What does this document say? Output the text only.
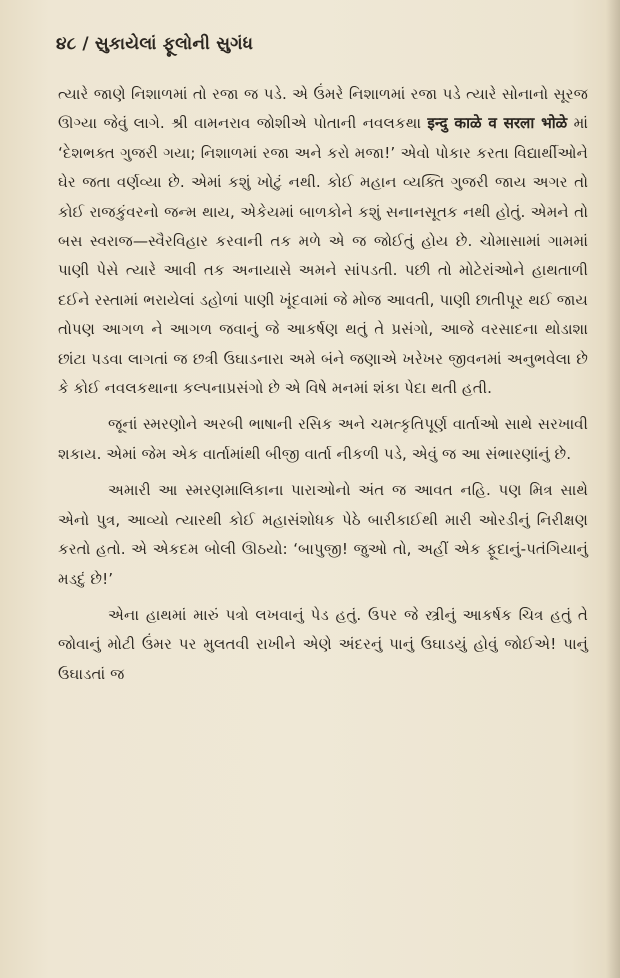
૪૮ / સુકાયેલાં ફૂલોની સુગંધ

ત્યારે જાણે નિશાળમાં તો રજા જ પડે. એ ઉંમરે નિશાળમાં રજા પડે ત્યારે સોનાનો સૂરજ ઊગ્યા જેવું લાગે. શ્રી વામનરાવ જોશીએ પોતાની નવલકથા इन्दु काळे व सरला भोळे માં ‘દેશભક્ત ગુજરી ગયા; નિશાળમાં રજા અને કરો મજા!’ એવો પોકાર કરતા વિદ્યાર્થીઓને ઘેર જતા વર્ણવ્યા છે. એમાં કશું ખોટું નથી. કોઈ મહાન વ્યક્તિ ગુજરી જાય અગર તો કોઈ રાજકુંવરનો જન્મ થાય, એકેયમાં બાળકોને કશું સનાનસૂતક નથી હોતું. એમને તો બસ સ્વરાજ—સ્વૈરવિહાર કરવાની તક મળે એ જ જોઈતું હોય છે. ચોમાસામાં ગામમાં પાણી પેસે ત્યારે આવી તક અનાયાસે અમને સાંપડતી. પછી તો મોટેરાંઓને હાથતાળી દઈને રસ્તામાં ભરાયેલાં ડહોળાં પાણી ખૂંદવામાં જે મોજ આવતી, પાણી છાતીપૂર થઈ જાય તોપણ આગળ ને આગળ જવાનું જે આકર્ષણ થતું તે પ્રસંગો, આજે વરસાદના થોડાશા છાંટા પડવા લાગતાં જ છત્રી ઉઘાડનારા અમે બંને જણાએ ખરેખર જીવનમાં અનુભવેલા છે કે કોઈ નવલકથાના કલ્પનાપ્રસંગો છે એ વિષે મનમાં શંકા પેદા થતી હતી.

જૂનાં સ્મરણોને અરબી ભાષાની રસિક અને ચમત્કૃતિપૂર્ણ વાર્તાઓ સાથે સરખાવી શકાય. એમાં જેમ એક વાર્તામાંથી બીજી વાર્તા નીકળી પડે, એવું જ આ સંભારણાંનું છે.

અમારી આ સ્મરણમાલિકાના પારાઓનો અંત જ આવત નહિ. પણ મિત્ર સાથે એનો પુત્ર, આવ્યો ત્યારથી કોઈ મહાસંશોધક પેઠે બારીકાઈથી મારી ઓરડીનું નિરીક્ષણ કરતો હતો. એ એકદમ બોલી ઊઠયો: ‘બાપુજી! જુઓ તો, અહીં એક ફૂદાનું-પતંગિયાનું મડદું છે!’

એના હાથમાં મારું પત્રો લખવાનું પેડ હતું. ઉપર જે સ્ત્રીનું આકર્ષક ચિત્ર હતું તે જોવાનું મોટી ઉંમર પર મુલતવી રાખીને એણે અંદરનું પાનું ઉઘાડયું હોવું જોઈએ! પાનું ઉઘાડતાં જ
